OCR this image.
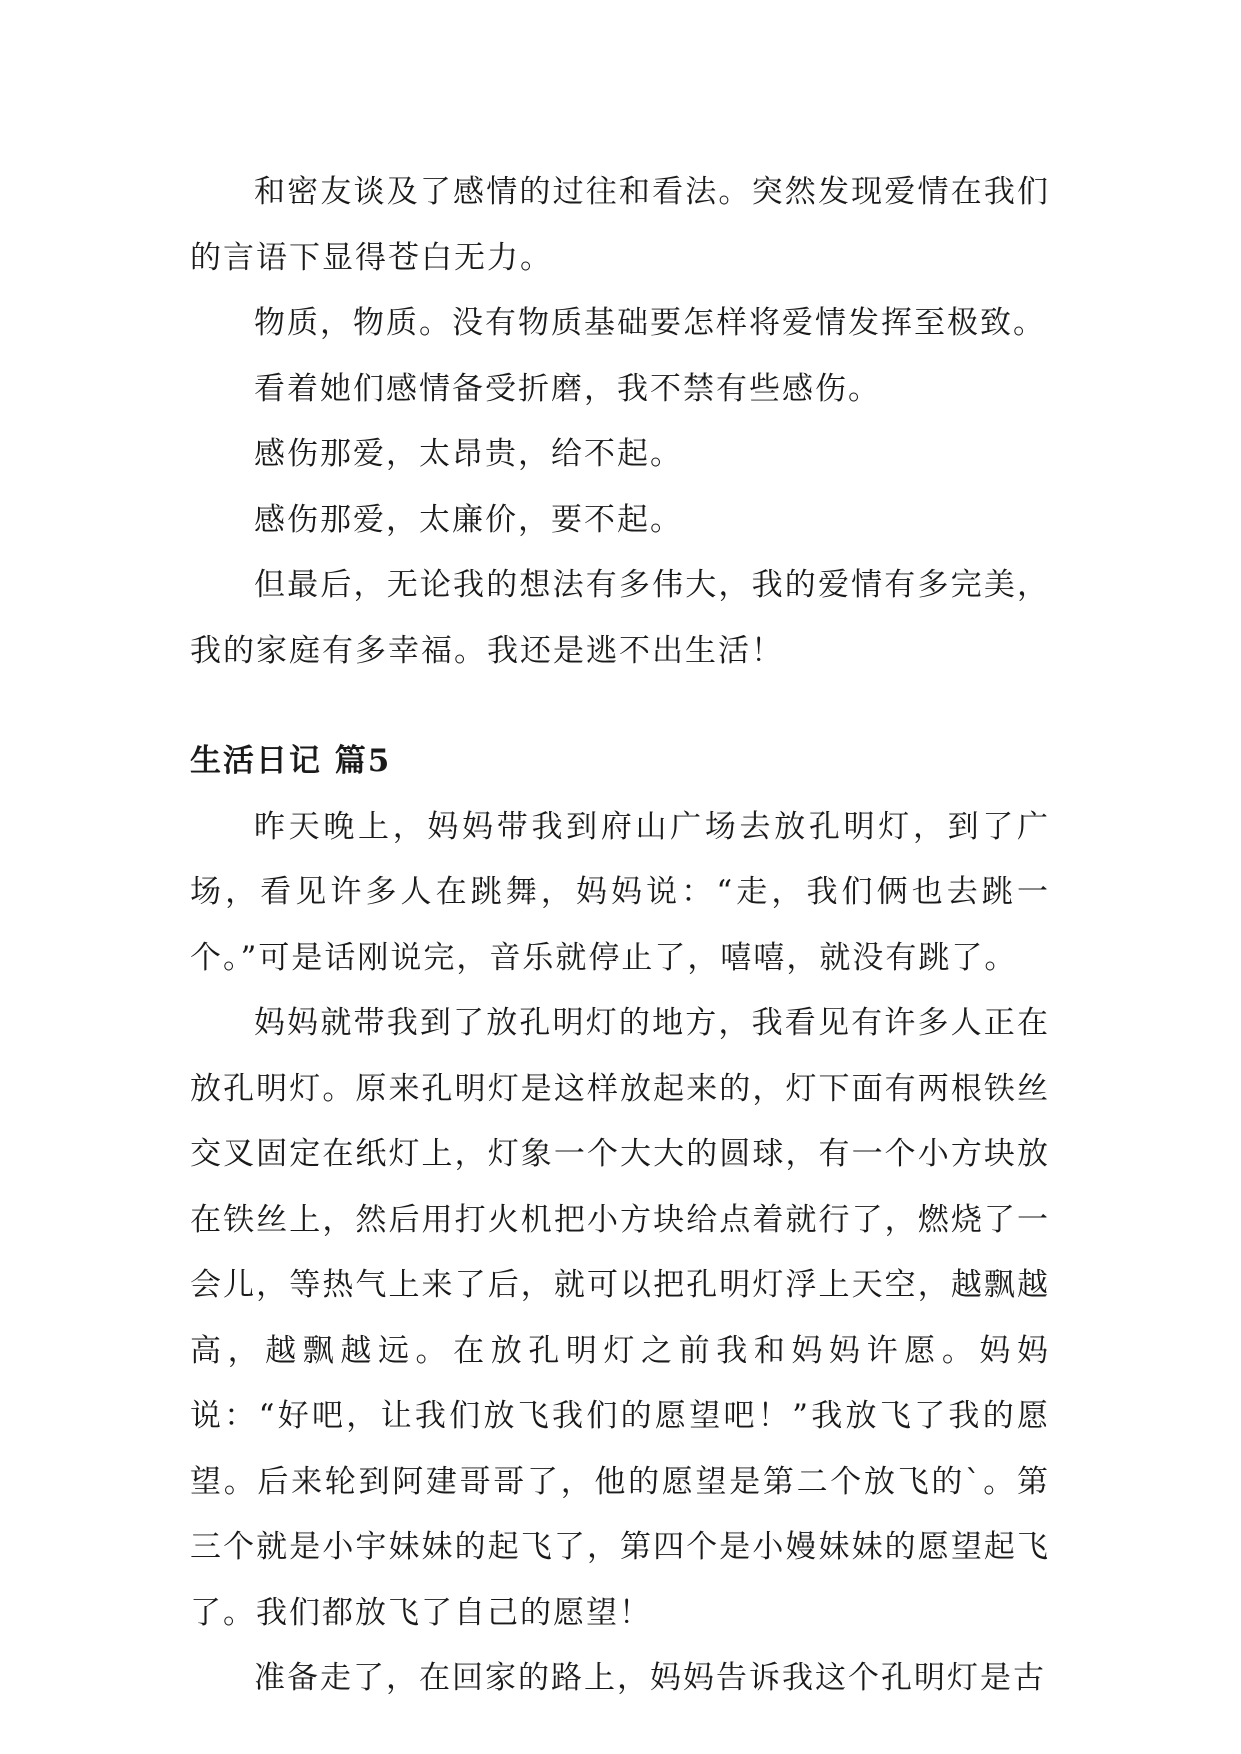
和密友谈及了感情的过往和看法。突然发现爱情在我们的言语下显得苍白无力。

物质，物质。没有物质基础要怎样将爱情发挥至极致。

看着她们感情备受折磨，我不禁有些感伤。

感伤那爱，太昂贵，给不起。

感伤那爱，太廉价，要不起。

但最后，无论我的想法有多伟大，我的爱情有多完美，我的家庭有多幸福。我还是逃不出生活！

生活日记 篇5

昨天晚上，妈妈带我到府山广场去放孔明灯，到了广场，看见许多人在跳舞，妈妈说：“走，我们俩也去跳一个。”可是话刚说完，音乐就停止了，嘻嘻，就没有跳了。

妈妈就带我到了放孔明灯的地方，我看见有许多人正在放孔明灯。原来孔明灯是这样放起来的，灯下面有两根铁丝交叉固定在纸灯上，灯象一个大大的圆球，有一个小方块放在铁丝上，然后用打火机把小方块给点着就行了，燃烧了一会儿，等热气上来了后，就可以把孔明灯浮上天空，越飘越高，越飘越远。在放孔明灯之前我和妈妈许愿。妈妈说：“好吧，让我们放飞我们的愿望吧！”我放飞了我的愿望。后来轮到阿建哥哥了，他的愿望是第二个放飞的`。第三个就是小宇妹妹的起飞了，第四个是小嫚妹妹的愿望起飞了。我们都放飞了自己的愿望！

准备走了，在回家的路上，妈妈告诉我这个孔明灯是古
